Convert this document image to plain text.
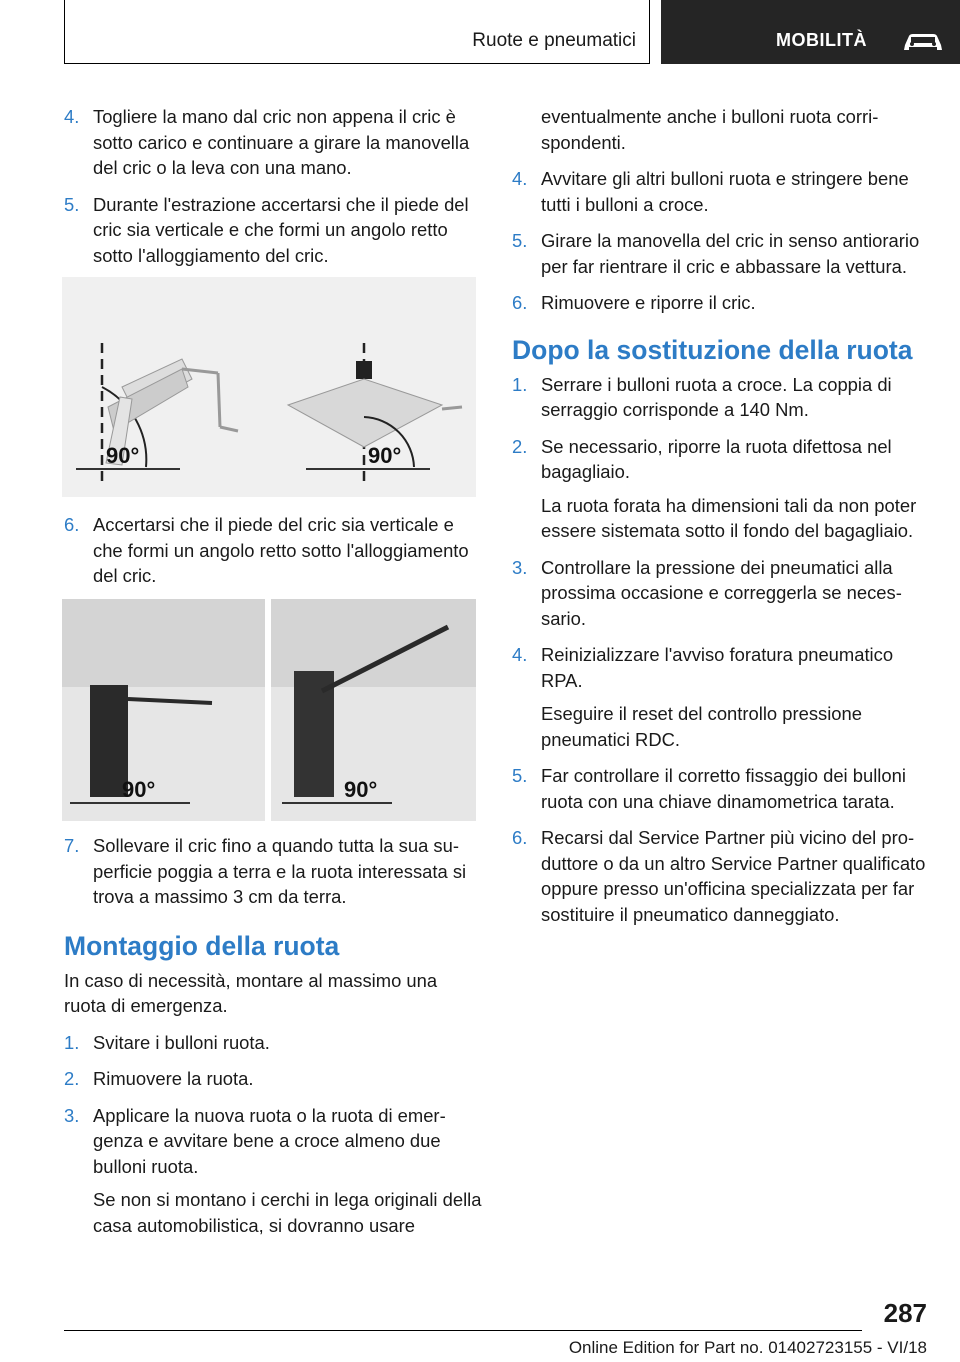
Ruote e pneumatici	MOBILITÀ
4. Togliere la mano dal cric non appena il cric è sotto carico e continuare a girare la manovella del cric o la leva con una mano.
5. Durante l'estrazione accertarsi che il piede del cric sia verticale e che formi un angolo retto sotto l'alloggiamento del cric.
90°	90°
6. Accertarsi che il piede del cric sia verticale e che formi un angolo retto sotto l'alloggiamento del cric.
90°	90°
7. Sollevare il cric fino a quando tutta la sua superficie poggia a terra e la ruota interessata si trova a massimo 3 cm da terra.
Montaggio della ruota

In caso di necessità, montare al massimo una ruota di emergenza.

1. Svitare i bulloni ruota.
2. Rimuovere la ruota.
3. Applicare la nuova ruota o la ruota di emergenza e avvitare bene a croce almeno due bulloni ruota.
Se non si montano i cerchi in lega originali della casa automobilistica, si dovranno usare

eventualmente anche i bulloni ruota corrispondenti.

4. Avvitare gli altri bulloni ruota e stringere bene tutti i bulloni a croce.
5. Girare la manovella del cric in senso antiorario per far rientrare il cric e abbassare la vettura.
6. Rimuovere e riporre il cric.
Dopo la sostituzione della ruota
1. Serrare i bulloni ruota a croce. La coppia di serraggio corrisponde a 140 Nm.
2. Se necessario, riporre la ruota difettosa nel bagagliaio.
La ruota forata ha dimensioni tali da non poter essere sistemata sotto il fondo del bagagliaio.
3. Controllare la pressione dei pneumatici alla prossima occasione e correggerla se necessario.
4. Reinizializzare l'avviso foratura pneumatico RPA.
Eseguire il reset del controllo pressione pneumatici RDC.
5. Far controllare il corretto fissaggio dei bulloni ruota con una chiave dinamometrica tarata.
6. Recarsi dal Service Partner più vicino del produttore o da un altro Service Partner qualificato oppure presso un'officina specializzata per far sostituire il pneumatico danneggiato.
287
Online Edition for Part no. 01402723155 - VI/18
